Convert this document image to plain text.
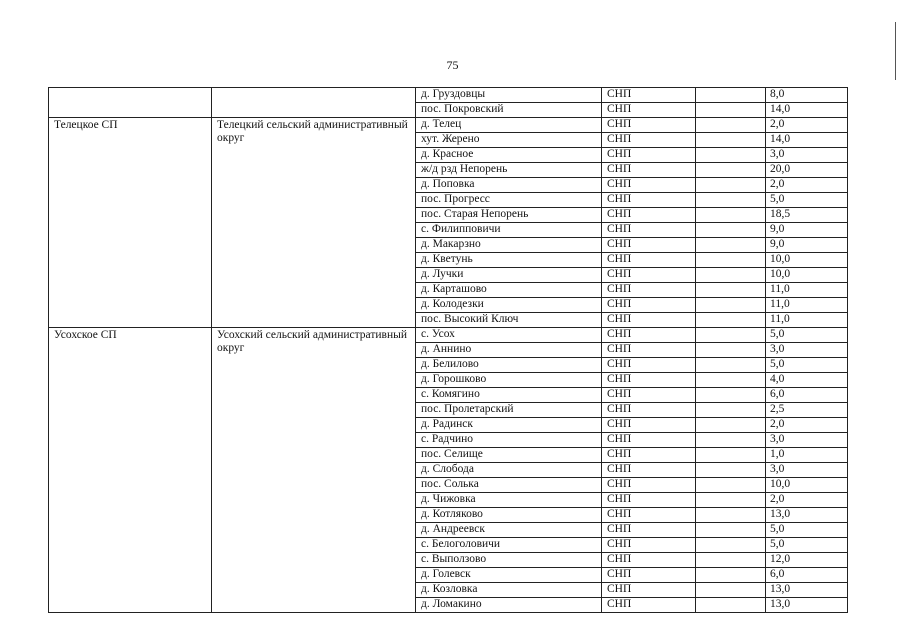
75
		д. Груздовцы	СНП		8,0
		пос. Покровский	СНП		14,0
Телецкое СП	Телецкий сельский административный округ	д. Телец	СНП		2,0
		хут. Жерено	СНП		14,0
		д. Красное	СНП		3,0
		ж/д рзд Непорень	СНП		20,0
		д. Поповка	СНП		2,0
		пос. Прогресс	СНП		5,0
		пос. Старая Непорень	СНП		18,5
		с. Филипповичи	СНП		9,0
		д. Макарзно	СНП		9,0
		д. Кветунь	СНП		10,0
		д. Лучки	СНП		10,0
		д. Карташово	СНП		11,0
		д. Колодезки	СНП		11,0
		пос. Высокий Ключ	СНП		11,0
Усохское СП	Усохский сельский административный округ	с. Усох	СНП		5,0
		д. Аннино	СНП		3,0
		д. Белилово	СНП		5,0
		д. Горошково	СНП		4,0
		с. Комягино	СНП		6,0
		пос. Пролетарский	СНП		2,5
		д. Радинск	СНП		2,0
		с. Радчино	СНП		3,0
		пос. Селище	СНП		1,0
		д. Слобода	СНП		3,0
		пос. Солька	СНП		10,0
		д. Чижовка	СНП		2,0
		д. Котляково	СНП		13,0
		д. Андреевск	СНП		5,0
		с. Белоголовичи	СНП		5,0
		с. Выползово	СНП		12,0
		д. Голевск	СНП		6,0
		д. Козловка	СНП		13,0
		д. Ломакино	СНП		13,0
